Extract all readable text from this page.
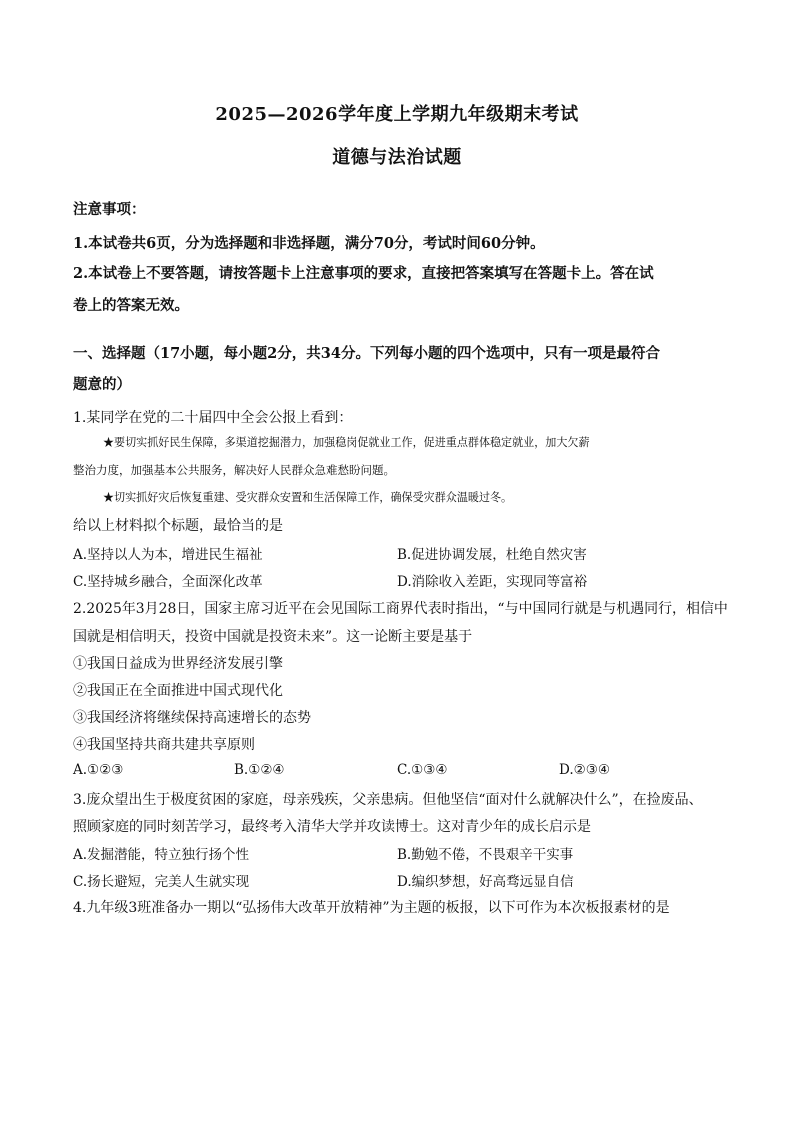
2025—2026学年度上学期九年级期末考试
道德与法治试题
注意事项：
1.本试卷共6页，分为选择题和非选择题，满分70分，考试时间60分钟。
2.本试卷上不要答题，请按答题卡上注意事项的要求，直接把答案填写在答题卡上。答在试
卷上的答案无效。
一、选择题（17小题，每小题2分，共34分。下列每小题的四个选项中，只有一项是最符合
题意的）
1.某同学在党的二十届四中全会公报上看到：
★要切实抓好民生保障，多渠道挖掘潜力，加强稳岗促就业工作，促进重点群体稳定就业，加大欠薪
整治力度，加强基本公共服务，解决好人民群众急难愁盼问题。
★切实抓好灾后恢复重建、受灾群众安置和生活保障工作，确保受灾群众温暖过冬。
给以上材料拟个标题，最恰当的是
A.坚持以人为本，增进民生福祉	B.促进协调发展，杜绝自然灾害
C.坚持城乡融合，全面深化改革	D.消除收入差距，实现同等富裕
2.2025年3月28日，国家主席习近平在会见国际工商界代表时指出，“与中国同行就是与机遇同行，相信中
国就是相信明天，投资中国就是投资未来”。这一论断主要是基于
①我国日益成为世界经济发展引擎
②我国正在全面推进中国式现代化
③我国经济将继续保持高速增长的态势
④我国坚持共商共建共享原则
A.①②③	B.①②④	C.①③④	D.②③④
3.庞众望出生于极度贫困的家庭，母亲残疾，父亲患病。但他坚信“面对什么就解决什么”，在捡废品、
照顾家庭的同时刻苦学习，最终考入清华大学并攻读博士。这对青少年的成长启示是
A.发掘潜能，特立独行扬个性	B.勤勉不倦，不畏艰辛干实事
C.扬长避短，完美人生就实现	D.编织梦想，好高骛远显自信
4.九年级3班准备办一期以“弘扬伟大改革开放精神”为主题的板报，以下可作为本次板报素材的是
